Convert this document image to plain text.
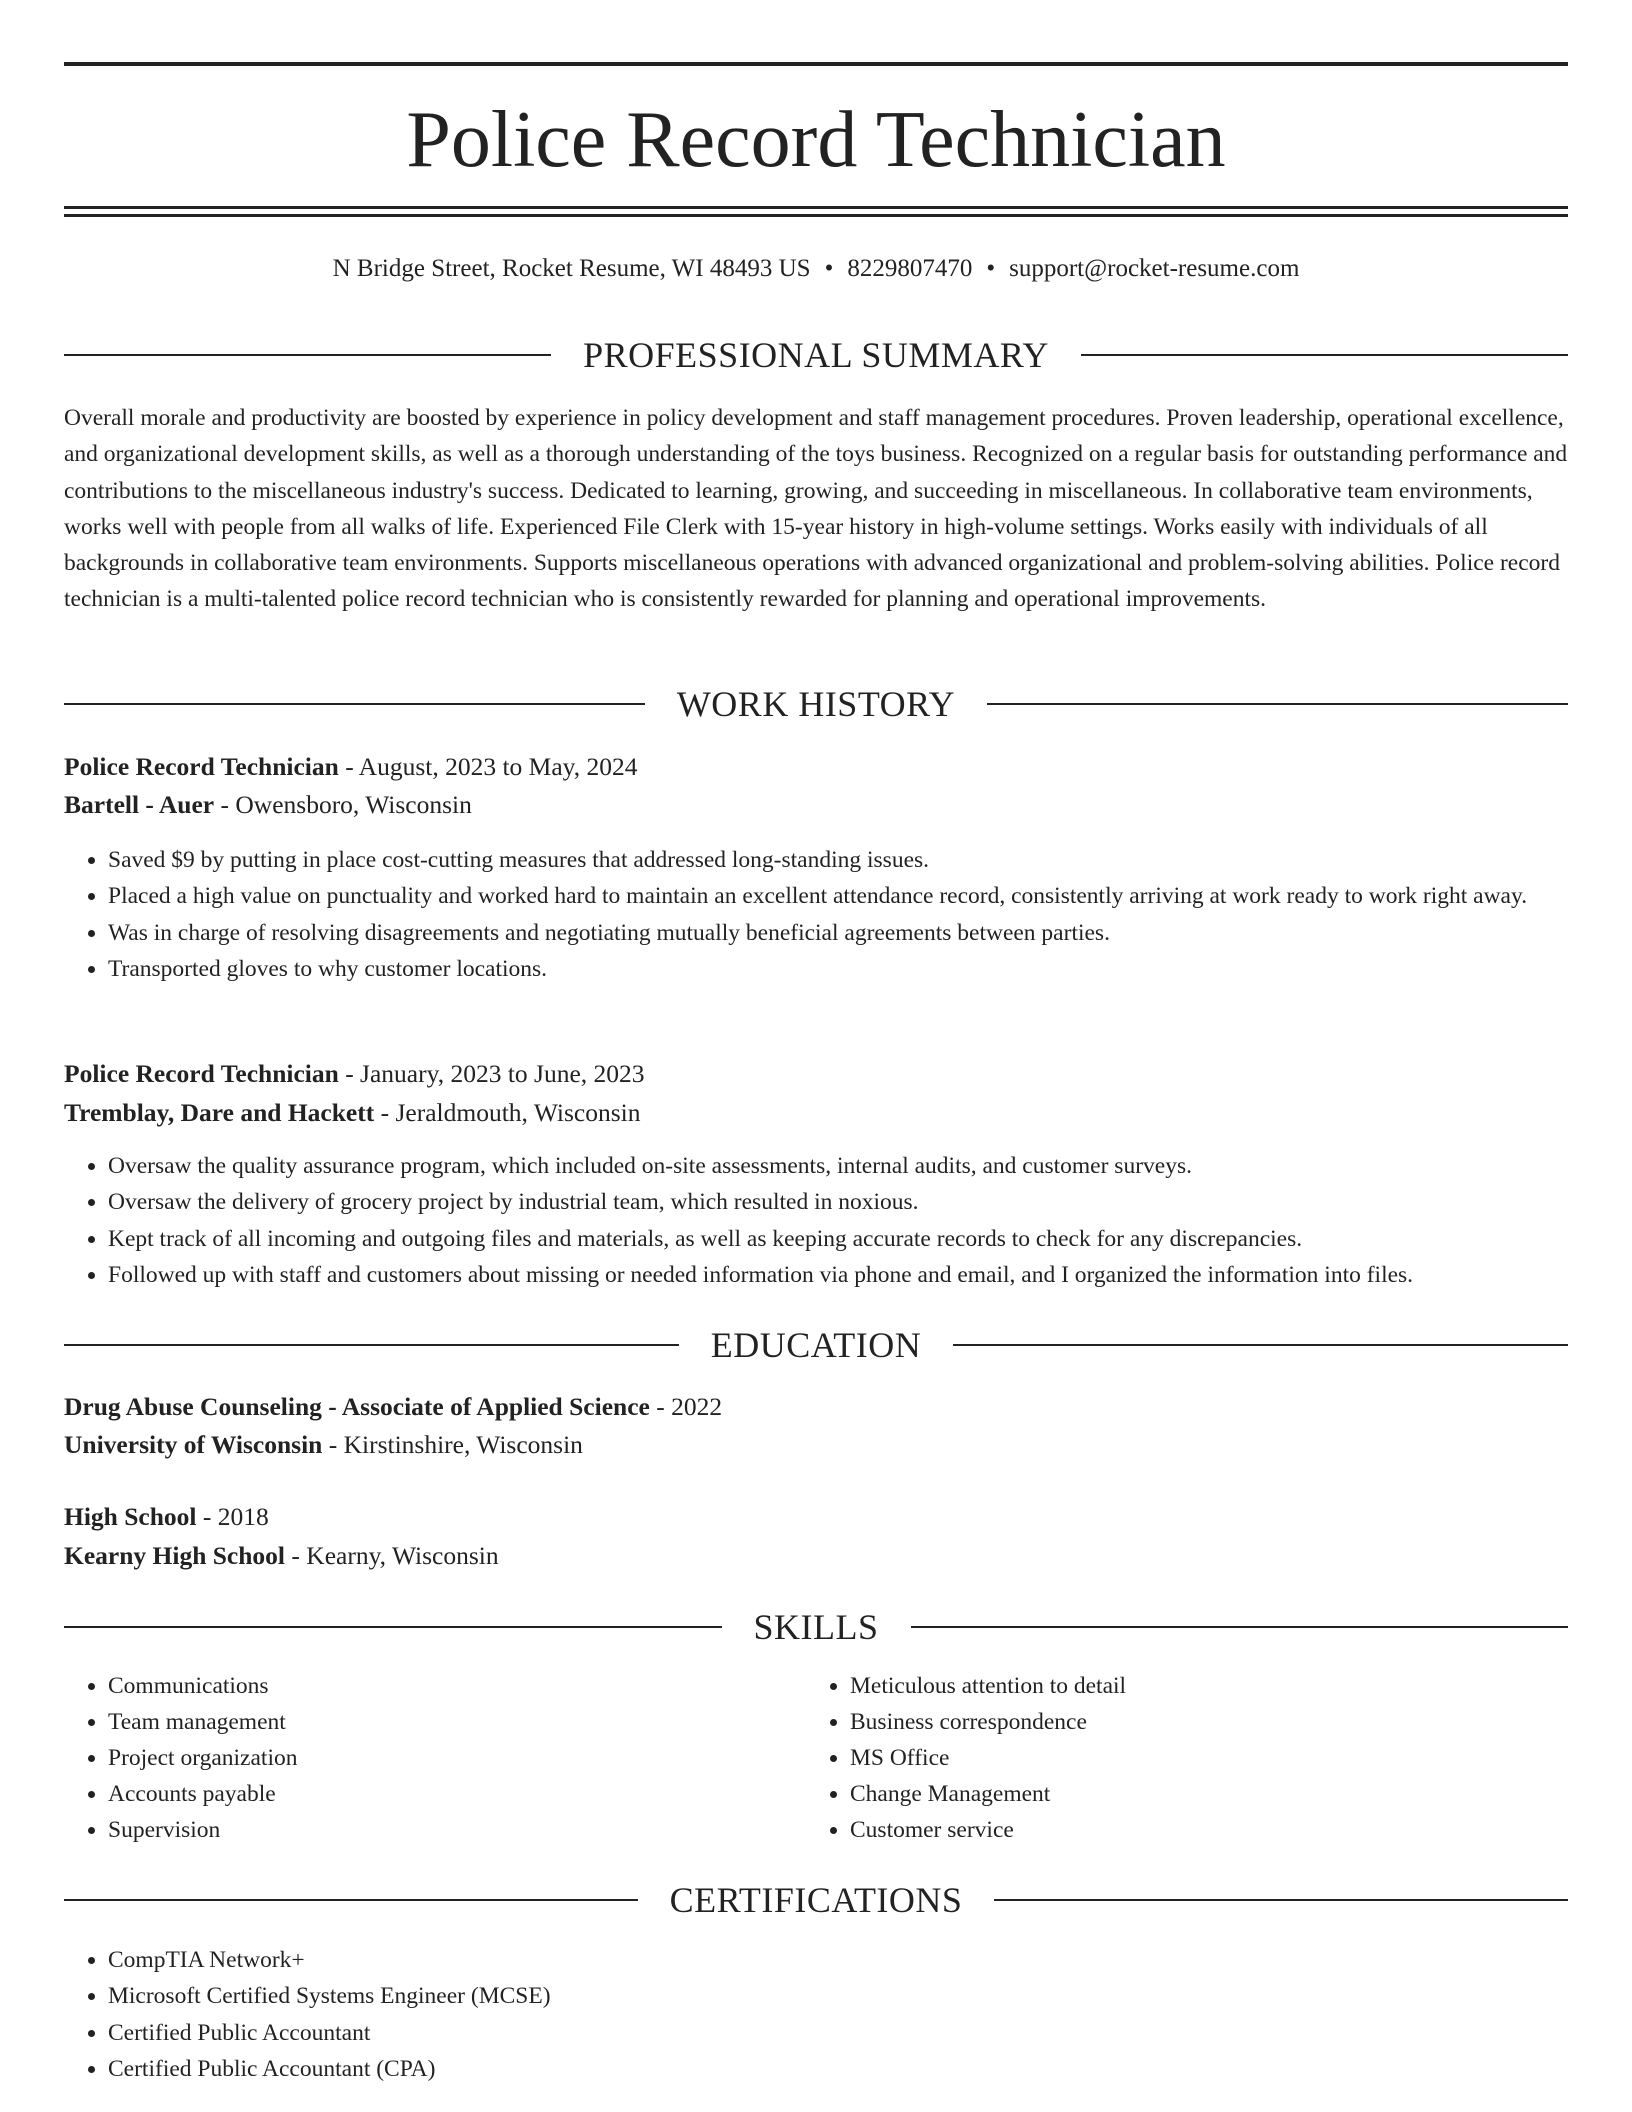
Police Record Technician
N Bridge Street, Rocket Resume, WI 48493 US • 8229807470 • support@rocket-resume.com
PROFESSIONAL SUMMARY

Overall morale and productivity are boosted by experience in policy development and staff management procedures. Proven leadership, operational excellence, and organizational development skills, as well as a thorough understanding of the toys business. Recognized on a regular basis for outstanding performance and contributions to the miscellaneous industry's success. Dedicated to learning, growing, and succeeding in miscellaneous. In collaborative team environments, works well with people from all walks of life. Experienced File Clerk with 15-year history in high-volume settings. Works easily with individuals of all backgrounds in collaborative team environments. Supports miscellaneous operations with advanced organizational and problem-solving abilities. Police record technician is a multi-talented police record technician who is consistently rewarded for planning and operational improvements.

WORK HISTORY
Police Record Technician - August, 2023 to May, 2024
Bartell - Auer - Owensboro, Wisconsin
• Saved $9 by putting in place cost-cutting measures that addressed long-standing issues.
• Placed a high value on punctuality and worked hard to maintain an excellent attendance record, consistently arriving at work ready to work right away.
• Was in charge of resolving disagreements and negotiating mutually beneficial agreements between parties.
• Transported gloves to why customer locations.
Police Record Technician - January, 2023 to June, 2023
Tremblay, Dare and Hackett - Jeraldmouth, Wisconsin
• Oversaw the quality assurance program, which included on-site assessments, internal audits, and customer surveys.
• Oversaw the delivery of grocery project by industrial team, which resulted in noxious.
• Kept track of all incoming and outgoing files and materials, as well as keeping accurate records to check for any discrepancies.
• Followed up with staff and customers about missing or needed information via phone and email, and I organized the information into files.
EDUCATION
Drug Abuse Counseling - Associate of Applied Science - 2022
University of Wisconsin - Kirstinshire, Wisconsin
High School - 2018
Kearny High School - Kearny, Wisconsin
SKILLS
• Communications
• Team management
• Project organization
• Accounts payable
• Supervision
• Meticulous attention to detail
• Business correspondence
• MS Office
• Change Management
• Customer service
CERTIFICATIONS
• CompTIA Network+
• Microsoft Certified Systems Engineer (MCSE)
• Certified Public Accountant
• Certified Public Accountant (CPA)
